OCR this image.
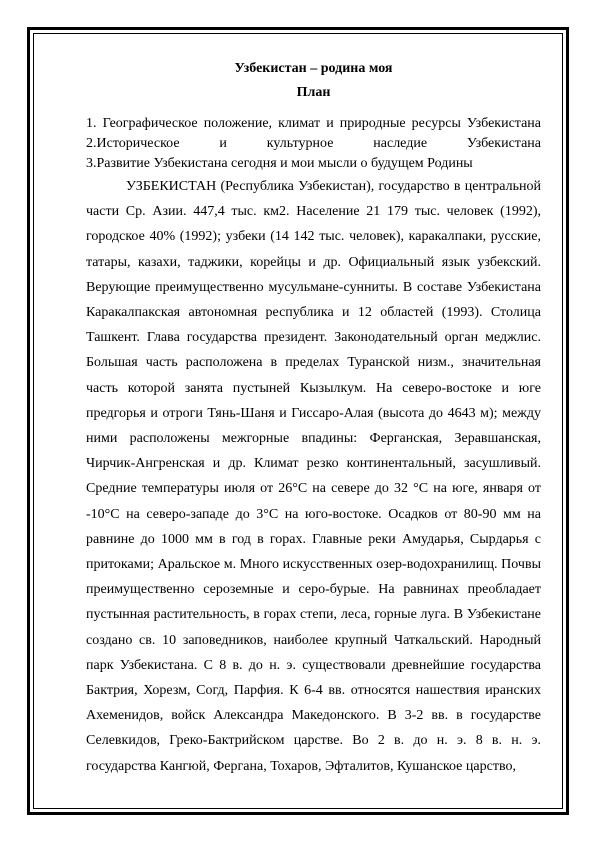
Узбекистан – родина моя

План

1. Географическое положение, климат и природные ресурсы Узбекистана

2.Историческое и культурное наследие Узбекистана

3.Развитие Узбекистана сегодня и мои мысли о будущем Родины

УЗБЕКИСТАН (Республика Узбекистан), государство в центральной части Ср. Азии. 447,4 тыс. км2. Население 21 179 тыс. человек (1992), городское 40% (1992); узбеки (14 142 тыс. человек), каракалпаки, русские, татары, казахи, таджики, корейцы и др. Официальный язык узбекский. Верующие преимущественно мусульмане-сунниты. В составе Узбекистана Каракалпакская автономная республика и 12 областей (1993). Столица Ташкент. Глава государства президент. Законодательный орган меджлис. Большая часть расположена в пределах Туранской низм., значительная часть которой занята пустыней Кызылкум. На северо-востоке и юге предгорья и отроги Тянь-Шаня и Гиссаро-Алая (высота до 4643 м); между ними расположены межгорные впадины: Ферганская, Зеравшанская, Чирчик-Ангренская и др. Климат резко континентальный, засушливый. Средние температуры июля от 26°С на севере до 32 °С на юге, января от -10°С на северо-западе до 3°С на юго-востоке. Осадков от 80-90 мм на равнине до 1000 мм в год в горах. Главные реки Амударья, Сырдарья с притоками; Аральское м. Много искусственных озер-водохранилищ. Почвы преимущественно сероземные и серо-бурые. На равнинах преобладает пустынная растительность, в горах степи, леса, горные луга. В Узбекистане создано св. 10 заповедников, наиболее крупный Чаткальский. Народный парк Узбекистана. С 8 в. до н. э. существовали древнейшие государства Бактрия, Хорезм, Согд, Парфия. К 6-4 вв. относятся нашествия иранских Ахеменидов, войск Александра Македонского. В 3-2 вв. в государстве Селевкидов, Греко-Бактрийском царстве. Во 2 в. до н. э. 8 в. н. э. государства Кангюй, Фергана, Тохаров, Эфталитов, Кушанское царство,
